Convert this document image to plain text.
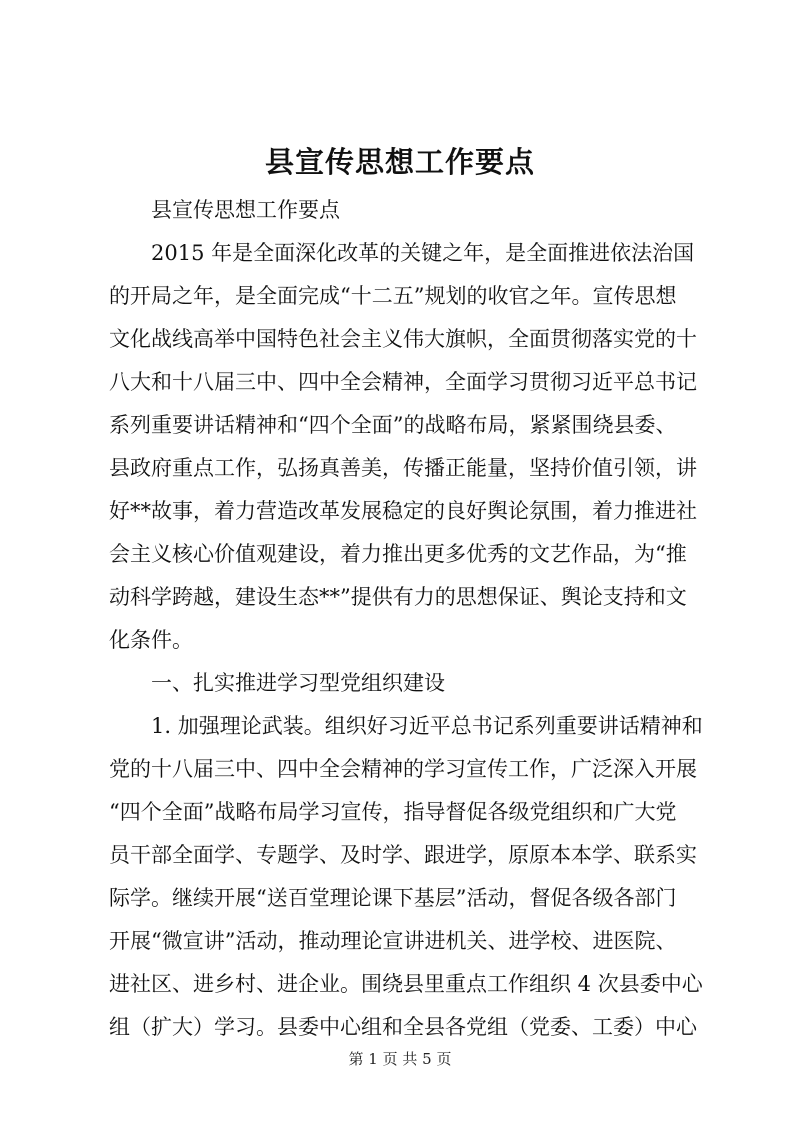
县宣传思想工作要点
　　县宣传思想工作要点
　　2015 年是全面深化改革的关键之年，是全面推进依法治国
的开局之年，是全面完成“十二五”规划的收官之年。宣传思想
文化战线高举中国特色社会主义伟大旗帜，全面贯彻落实党的十
八大和十八届三中、四中全会精神，全面学习贯彻习近平总书记
系列重要讲话精神和“四个全面”的战略布局，紧紧围绕县委、
县政府重点工作，弘扬真善美，传播正能量，坚持价值引领，讲
好**故事，着力营造改革发展稳定的良好舆论氛围，着力推进社
会主义核心价值观建设，着力推出更多优秀的文艺作品，为“推
动科学跨越，建设生态**”提供有力的思想保证、舆论支持和文
化条件。
　　一、扎实推进学习型党组织建设
　　1. 加强理论武装。组织好习近平总书记系列重要讲话精神和
党的十八届三中、四中全会精神的学习宣传工作，广泛深入开展
“四个全面”战略布局学习宣传，指导督促各级党组织和广大党
员干部全面学、专题学、及时学、跟进学，原原本本学、联系实
际学。继续开展“送百堂理论课下基层”活动，督促各级各部门
开展“微宣讲”活动，推动理论宣讲进机关、进学校、进医院、
进社区、进乡村、进企业。围绕县里重点工作组织 4 次县委中心
组（扩大）学习。县委中心组和全县各党组（党委、工委）中心
第 1 页 共 5 页
